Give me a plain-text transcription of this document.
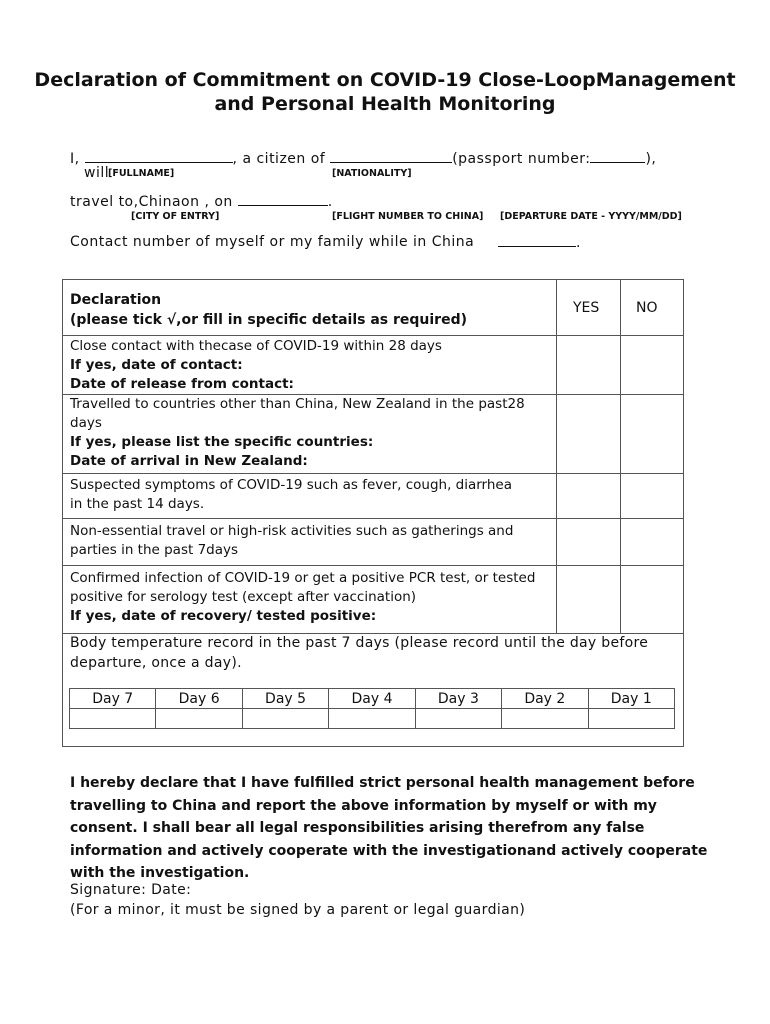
Declaration of Commitment on COVID-19 Close-LoopManagement
and Personal Health Monitoring
I,	, a citizen of	(passport number:	),
will
[FULLNAME]	[NATIONALITY]
travel to,Chinaon , on	.
[CITY OF ENTRY]	[FLIGHT NUMBER TO CHINA] [DEPARTURE DATE - YYYY/MM/DD]
Contact number of myself or my family while in China	.
Declaration
(please tick √,or fill in specific details as required)
YES	NO
Close contact with thecase of COVID-19 within 28 days
If yes, date of contact:
Date of release from contact:
Travelled to countries other than China, New Zealand in the past28
days
If yes, please list the specific countries:
Date of arrival in New Zealand:
Suspected symptoms of COVID-19 such as fever, cough, diarrhea
in the past 14 days.
Non-essential travel or high-risk activities such as gatherings and
parties in the past 7days
Confirmed infection of COVID-19 or get a positive PCR test, or tested
positive for serology test (except after vaccination)
If yes, date of recovery/ tested positive:
Body temperature record in the past 7 days (please record until the day before
departure, once a day).
Day 7	Day 6	Day 5	Day 4	Day 3	Day 2	Day 1

I hereby declare that I have fulfilled strict personal health management before travelling to China and report the above information by myself or with my consent. I shall bear all legal responsibilities arising therefrom any false information and actively cooperate with the investigationand actively cooperate with the investigation.
Signature: Date:
(For a minor, it must be signed by a parent or legal guardian)
